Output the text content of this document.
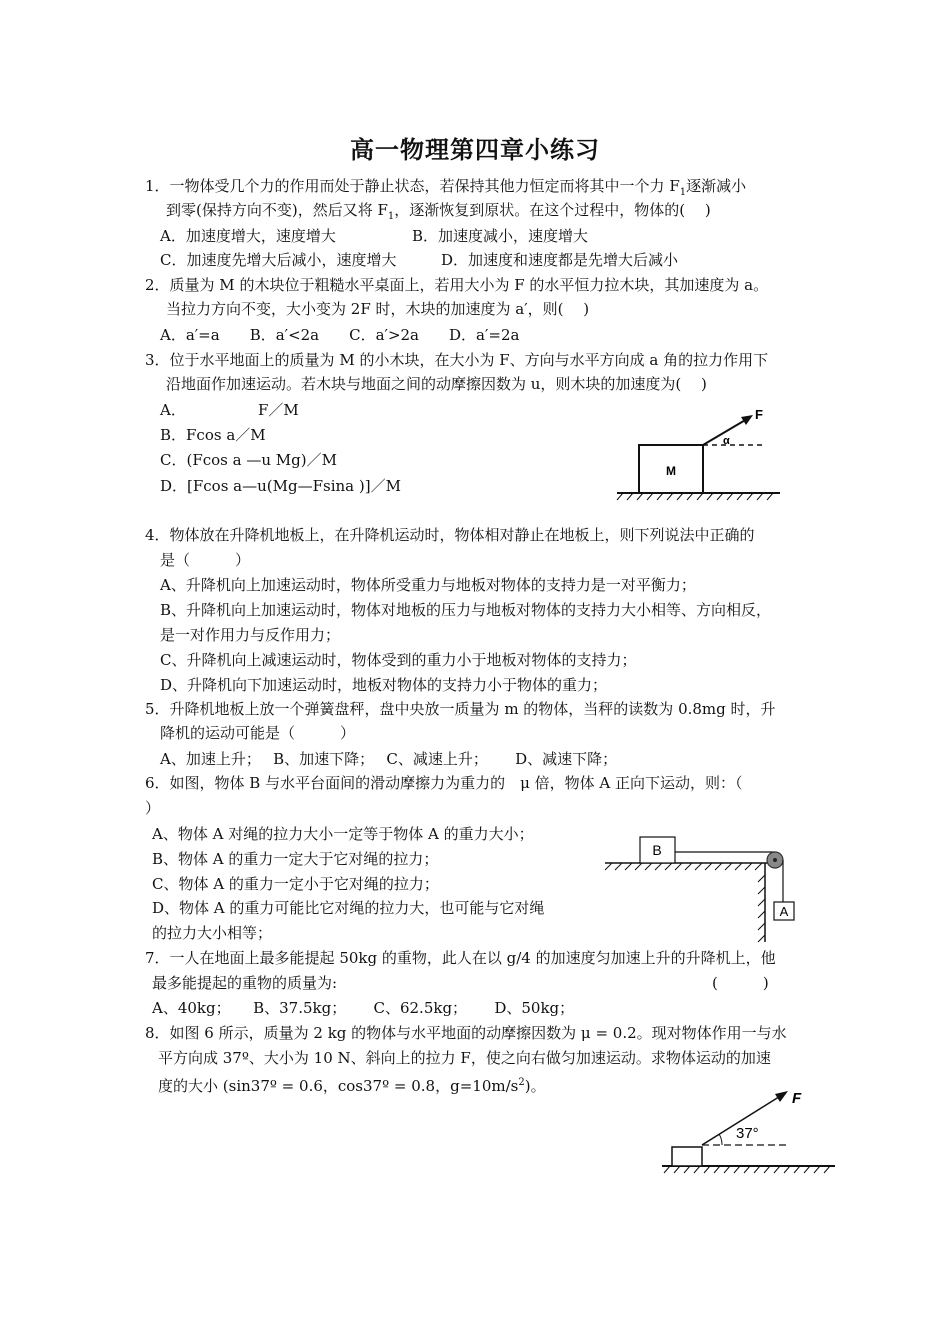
高一物理第四章小练习
1．一物体受几个力的作用而处于静止状态，若保持其他力恒定而将其中一个力 $F_1$逐渐减小
到零(保持方向不变)，然后又将 $F_1$，逐渐恢复到原状。在这个过程中，物体的(　 )
A．加速度增大，速度增大	B．加速度减小，速度增大
C．加速度先增大后减小，速度增大	D．加速度和速度都是先增大后减小
2．质量为 M 的木块位于粗糙水平桌面上，若用大小为 F 的水平恒力拉木块，其加速度为 a。
当拉力方向不变，大小变为 2F 时，木块的加速度为 a′，则(　 )
A．a′=a　　B．a′<2a　　C．a′>2a　　D．a′=2a
3．位于水平地面上的质量为 M 的小木块，在大小为 F、方向与水平方向成 a 角的拉力作用下
沿地面作加速运动。若木块与地面之间的动摩擦因数为 u，则木块的加速度为(　 )
A．	F／M
B．Fcos a／M
C．(Fcos a —u Mg)／M
D．[Fcos a—u(Mg—Fsina )]／M
M
F
α
4．物体放在升降机地板上，在升降机运动时，物体相对静止在地板上，则下列说法中正确的
是（　　　）
A、升降机向上加速运动时，物体所受重力与地板对物体的支持力是一对平衡力；
B、升降机向上加速运动时，物体对地板的压力与地板对物体的支持力大小相等、方向相反，
是一对作用力与反作用力；
C、升降机向上减速运动时，物体受到的重力小于地板对物体的支持力；
D、升降机向下加速运动时，地板对物体的支持力小于物体的重力；
5．升降机地板上放一个弹簧盘秤，盘中央放一质量为 m 的物体，当秤的读数为 0.8mg 时，升
降机的运动可能是（　　　）
A、加速上升；　 B、加速下降；　 C、减速上升；　　 D、减速下降；
6．如图，物体 B 与水平台面间的滑动摩擦力为重力的　μ 倍，物体 A 正向下运动，则：（
）
A、物体 A 对绳的拉力大小一定等于物体 A 的重力大小；
B、物体 A 的重力一定大于它对绳的拉力；
C、物体 A 的重力一定小于它对绳的拉力；
D、物体 A 的重力可能比它对绳的拉力大，也可能与它对绳
的拉力大小相等；
B
A
7．一人在地面上最多能提起 50kg 的重物，此人在以 g/4 的加速度匀加速上升的升降机上，他
最多能提起的重物的质量为:	(　　　)
A、40kg；　　B、37.5kg；　　 C、62.5kg；　　 D、50kg；
8．如图 6 所示，质量为 2 kg 的物体与水平地面的动摩擦因数为 μ = 0.2。现对物体作用一与水
平方向成 37º、大小为 10 N、斜向上的拉力 F，使之向右做匀加速运动。求物体运动的加速
度的大小 (sin37º = 0.6，cos37º = 0.8，$g=10m/s^2$)。
F
37°
